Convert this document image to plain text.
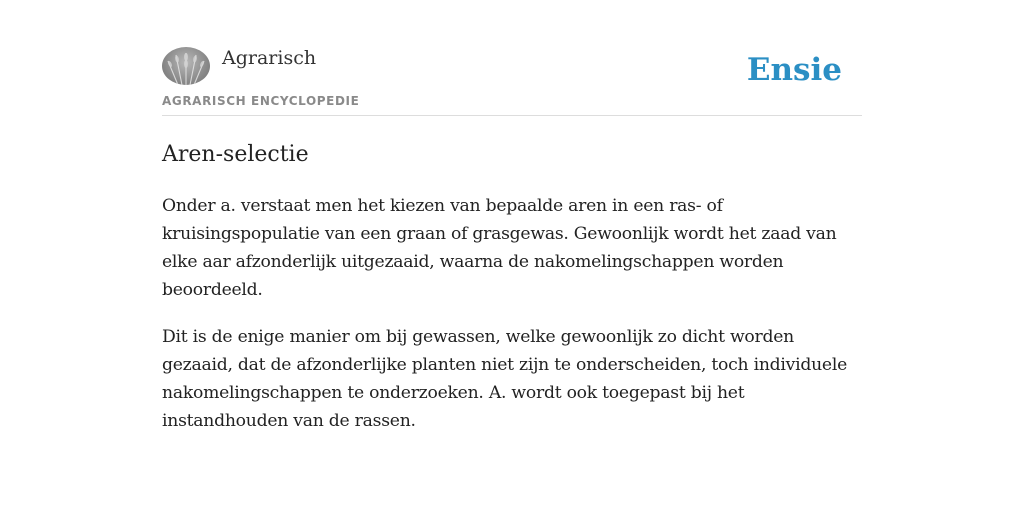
Agrarisch
AGRARISCH ENCYCLOPEDIE
Ensie
Aren-selectie

Onder a. verstaat men het kiezen van bepaalde aren in een ras- of kruisingspopulatie van een graan of grasgewas. Gewoonlijk wordt het zaad van elke aar afzonderlijk uitgezaaid, waarna de nakomelingschappen worden beoordeeld.

Dit is de enige manier om bij gewassen, welke gewoonlijk zo dicht worden gezaaid, dat de afzonderlijke planten niet zijn te onderscheiden, toch individuele nakomelingschappen te onderzoeken. A. wordt ook toegepast bij het instandhouden van de rassen.
